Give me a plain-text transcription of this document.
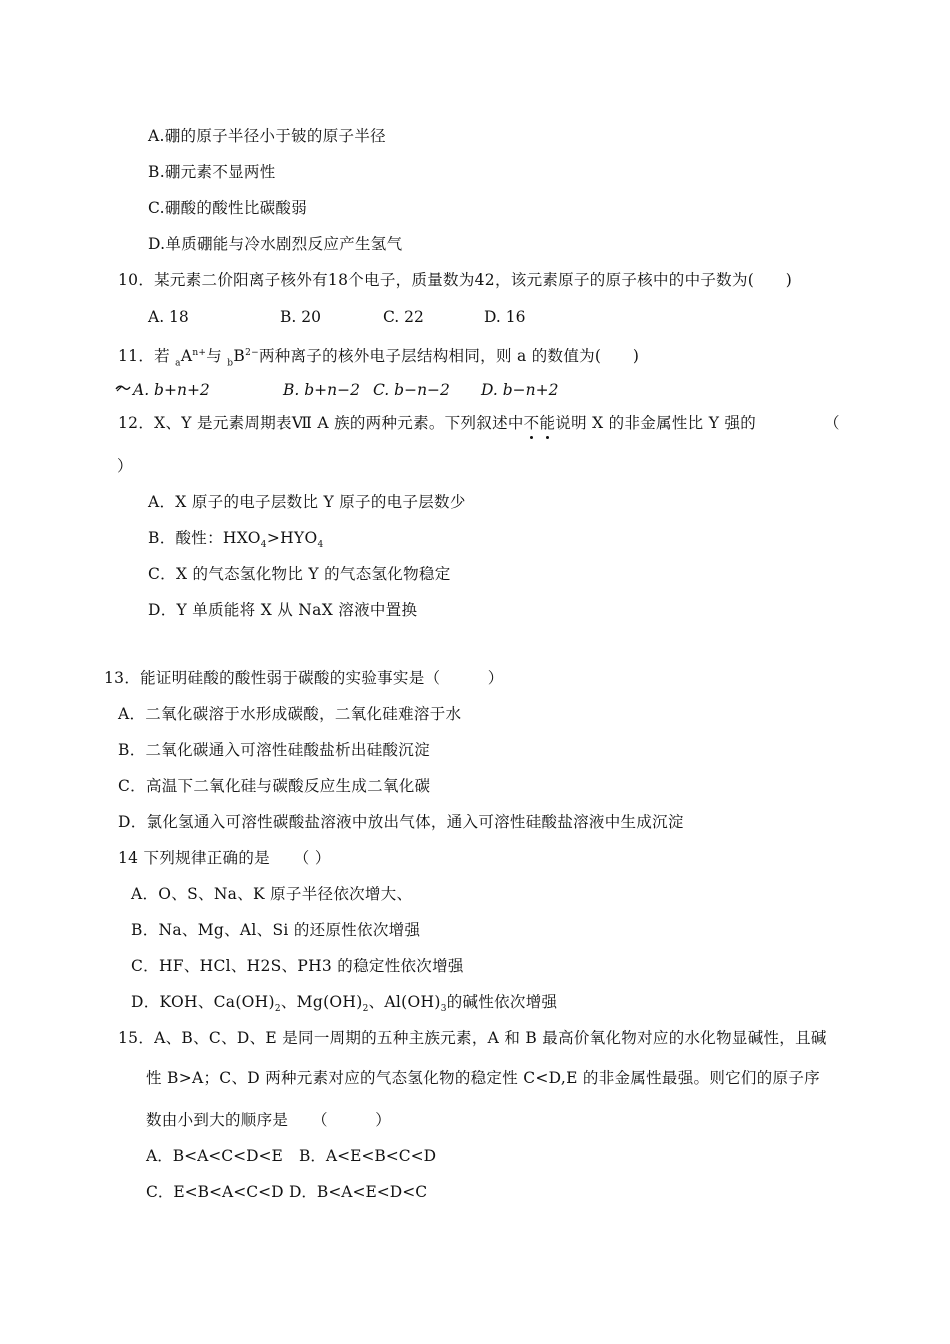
A.硼的原子半径小于铍的原子半径
B.硼元素不显两性
C.硼酸的酸性比碳酸弱
D.单质硼能与冷水剧烈反应产生氢气
10．某元素二价阳离子核外有18个电子，质量数为42，该元素原子的原子核中的中子数为(　　)
A. 18	B. 20	C. 22	D. 16
11．若 $_aA^{n+}$与 $_bB^{2-}$两种离子的核外电子层结构相同，则 a 的数值为(　　)
A. b+n+2	B. b+n−2 C. b−n−2 D. b−n+2
12．X、Y 是元素周期表Ⅶ A 族的两种元素。下列叙述中不能说明 X 的非金属性比 Y 强的	（
）
A．X 原子的电子层数比 Y 原子的电子层数少
B．酸性：$HXO_4>HYO_4$
C．X 的气态氢化物比 Y 的气态氢化物稳定
D．Y 单质能将 X 从 NaX 溶液中置换
13．能证明硅酸的酸性弱于碳酸的实验事实是（　　　）
A．二氧化碳溶于水形成碳酸，二氧化硅难溶于水
B．二氧化碳通入可溶性硅酸盐析出硅酸沉淀
C．高温下二氧化硅与碳酸反应生成二氧化碳
D．氯化氢通入可溶性碳酸盐溶液中放出气体，通入可溶性硅酸盐溶液中生成沉淀
14 下列规律正确的是　　（ ）
A．O、S、Na、K 原子半径依次增大、
B．Na、Mg、Al、Si 的还原性依次增强
C．HF、HCl、H2S、PH3 的稳定性依次增强
D．KOH、$Ca(OH)_2$、$Mg(OH)_2$、$Al(OH)_3$的碱性依次增强
15．A、B、C、D、E 是同一周期的五种主族元素，A 和 B 最高价氧化物对应的水化物显碱性，且碱
性 B>A；C、D 两种元素对应的气态氢化物的稳定性 C<D,E 的非金属性最强。则它们的原子序
数由小到大的顺序是　　（　　　）
A．B<A<C<D<E B．A<E<B<C<D
C．E<B<A<C<D D．B<A<E<D<C
